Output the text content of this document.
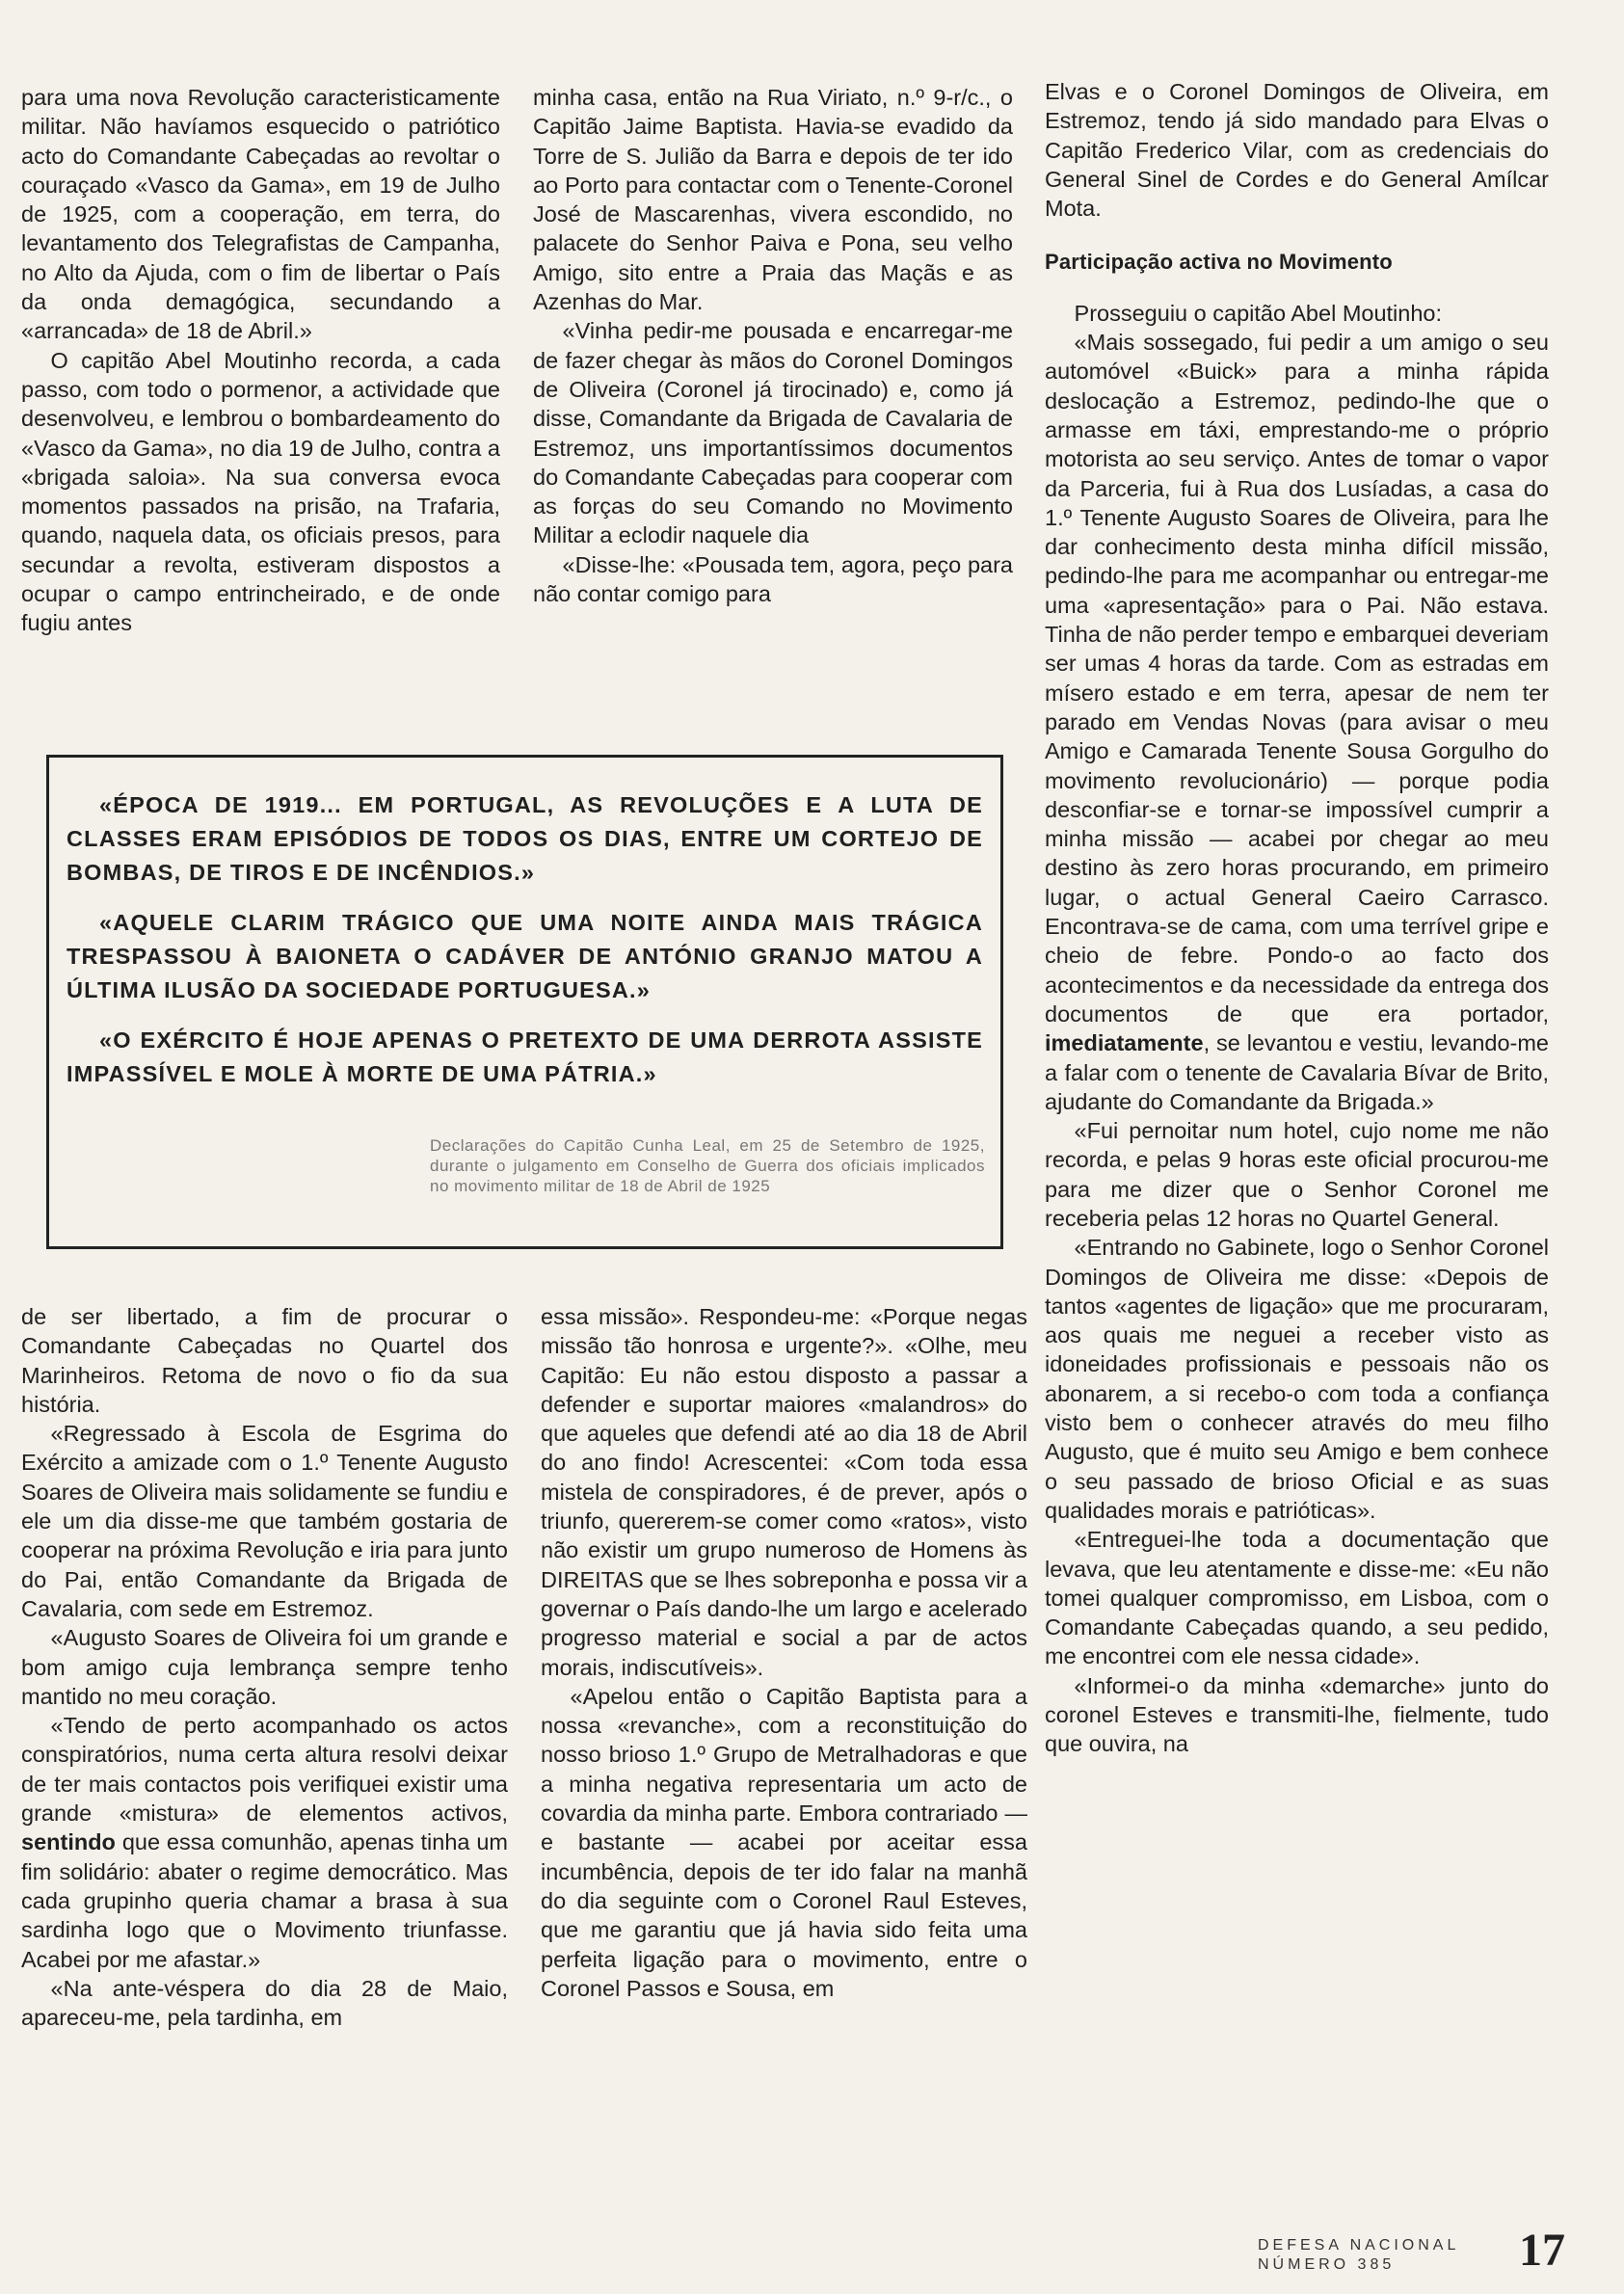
para uma nova Revolução caracteristicamente militar. Não havíamos esquecido o patriótico acto do Comandante Cabeçadas ao revoltar o couraçado «Vasco da Gama», em 19 de Julho de 1925, com a cooperação, em terra, do levantamento dos Telegrafistas de Campanha, no Alto da Ajuda, com o fim de libertar o País da onda demagógica, secundando a «arrancada» de 18 de Abril.»

O capitão Abel Moutinho recorda, a cada passo, com todo o pormenor, a actividade que desenvolveu, e lembrou o bombardeamento do «Vasco da Gama», no dia 19 de Julho, contra a «brigada saloia». Na sua conversa evoca momentos passados na prisão, na Trafaria, quando, naquela data, os oficiais presos, para secundar a revolta, estiveram dispostos a ocupar o campo entrincheirado, e de onde fugiu antes

minha casa, então na Rua Viriato, n.º 9-r/c., o Capitão Jaime Baptista. Havia-se evadido da Torre de S. Julião da Barra e depois de ter ido ao Porto para contactar com o Tenente-Coronel José de Mascarenhas, vivera escondido, no palacete do Senhor Paiva e Pona, seu velho Amigo, sito entre a Praia das Maçãs e as Azenhas do Mar.

«Vinha pedir-me pousada e encarregar-me de fazer chegar às mãos do Coronel Domingos de Oliveira (Coronel já tirocinado) e, como já disse, Comandante da Brigada de Cavalaria de Estremoz, uns importantíssimos documentos do Comandante Cabeçadas para cooperar com as forças do seu Comando no Movimento Militar a eclodir naquele dia

«Disse-lhe: «Pousada tem, agora, peço para não contar comigo para

Elvas e o Coronel Domingos de Oliveira, em Estremoz, tendo já sido mandado para Elvas o Capitão Frederico Vilar, com as credenciais do General Sinel de Cordes e do General Amílcar Mota.

Participação activa no Movimento

Prosseguiu o capitão Abel Moutinho:

«Mais sossegado, fui pedir a um amigo o seu automóvel «Buick» para a minha rápida deslocação a Estremoz, pedindo-lhe que o armasse em táxi, emprestando-me o próprio motorista ao seu serviço. Antes de tomar o vapor da Parceria, fui à Rua dos Lusíadas, a casa do 1.º Tenente Augusto Soares de Oliveira, para lhe dar conhecimento desta minha difícil missão, pedindo-lhe para me acompanhar ou entregar-me uma «apresentação» para o Pai. Não estava. Tinha de não perder tempo e embarquei deveriam ser umas 4 horas da tarde. Com as estradas em mísero estado e em terra, apesar de nem ter parado em Vendas Novas (para avisar o meu Amigo e Camarada Tenente Sousa Gorgulho do movimento revolucionário) — porque podia desconfiar-se e tornar-se impossível cumprir a minha missão — acabei por chegar ao meu destino às zero horas procurando, em primeiro lugar, o actual General Caeiro Carrasco. Encontrava-se de cama, com uma terrível gripe e cheio de febre. Pondo-o ao facto dos acontecimentos e da necessidade da entrega dos documentos de que era portador, imediatamente, se levantou e vestiu, levando-me a falar com o tenente de Cavalaria Bívar de Brito, ajudante do Comandante da Brigada.»

«Fui pernoitar num hotel, cujo nome me não recorda, e pelas 9 horas este oficial procurou-me para me dizer que o Senhor Coronel me receberia pelas 12 horas no Quartel General.

«Entrando no Gabinete, logo o Senhor Coronel Domingos de Oliveira me disse: «Depois de tantos «agentes de ligação» que me procuraram, aos quais me neguei a receber visto as idoneidades profissionais e pessoais não os abonarem, a si recebo-o com toda a confiança visto bem o conhecer através do meu filho Augusto, que é muito seu Amigo e bem conhece o seu passado de brioso Oficial e as suas qualidades morais e patrióticas».

«Entreguei-lhe toda a documentação que levava, que leu atentamente e disse-me: «Eu não tomei qualquer compromisso, em Lisboa, com o Comandante Cabeçadas quando, a seu pedido, me encontrei com ele nessa cidade».

«Informei-o da minha «demarche» junto do coronel Esteves e transmiti-lhe, fielmente, tudo que ouvira, na

«ÉPOCA DE 1919... EM PORTUGAL, AS REVOLUÇÕES E A LUTA DE CLASSES ERAM EPISÓDIOS DE TODOS OS DIAS, ENTRE UM CORTEJO DE BOMBAS, DE TIROS E DE INCÊNDIOS.»
«AQUELE CLARIM TRÁGICO QUE UMA NOITE AINDA MAIS TRÁGICA TRESPASSOU À BAIONETA O CADÁVER DE ANTÓNIO GRANJO MATOU A ÚLTIMA ILUSÃO DA SOCIEDADE PORTUGUESA.»
«O EXÉRCITO É HOJE APENAS O PRETEXTO DE UMA DERROTA ASSISTE IMPASSÍVEL E MOLE À MORTE DE UMA PÁTRIA.»
Declarações do Capitão Cunha Leal, em 25 de Setembro de 1925, durante o julgamento em Conselho de Guerra dos oficiais implicados no movimento militar de 18 de Abril de 1925

de ser libertado, a fim de procurar o Comandante Cabeçadas no Quartel dos Marinheiros. Retoma de novo o fio da sua história.

«Regressado à Escola de Esgrima do Exército a amizade com o 1.º Tenente Augusto Soares de Oliveira mais solidamente se fundiu e ele um dia disse-me que também gostaria de cooperar na próxima Revolução e iria para junto do Pai, então Comandante da Brigada de Cavalaria, com sede em Estremoz.

«Augusto Soares de Oliveira foi um grande e bom amigo cuja lembrança sempre tenho mantido no meu coração.

«Tendo de perto acompanhado os actos conspiratórios, numa certa altura resolvi deixar de ter mais contactos pois verifiquei existir uma grande «mistura» de elementos activos, sentindo que essa comunhão, apenas tinha um fim solidário: abater o regime democrático. Mas cada grupinho queria chamar a brasa à sua sardinha logo que o Movimento triunfasse. Acabei por me afastar.»

«Na ante-véspera do dia 28 de Maio, apareceu-me, pela tardinha, em

essa missão». Respondeu-me: «Porque negas missão tão honrosa e urgente?». «Olhe, meu Capitão: Eu não estou disposto a passar a defender e suportar maiores «malandros» do que aqueles que defendi até ao dia 18 de Abril do ano findo! Acrescentei: «Com toda essa mistela de conspiradores, é de prever, após o triunfo, quererem-se comer como «ratos», visto não existir um grupo numeroso de Homens às DIREITAS que se lhes sobreponha e possa vir a governar o País dando-lhe um largo e acelerado progresso material e social a par de actos morais, indiscutíveis».

«Apelou então o Capitão Baptista para a nossa «revanche», com a reconstituição do nosso brioso 1.º Grupo de Metralhadoras e que a minha negativa representaria um acto de covardia da minha parte. Embora contrariado — e bastante — acabei por aceitar essa incumbência, depois de ter ido falar na manhã do dia seguinte com o Coronel Raul Esteves, que me garantiu que já havia sido feita uma perfeita ligação para o movimento, entre o Coronel Passos e Sousa, em

DEFESA NACIONAL
NÚMERO 385	17
